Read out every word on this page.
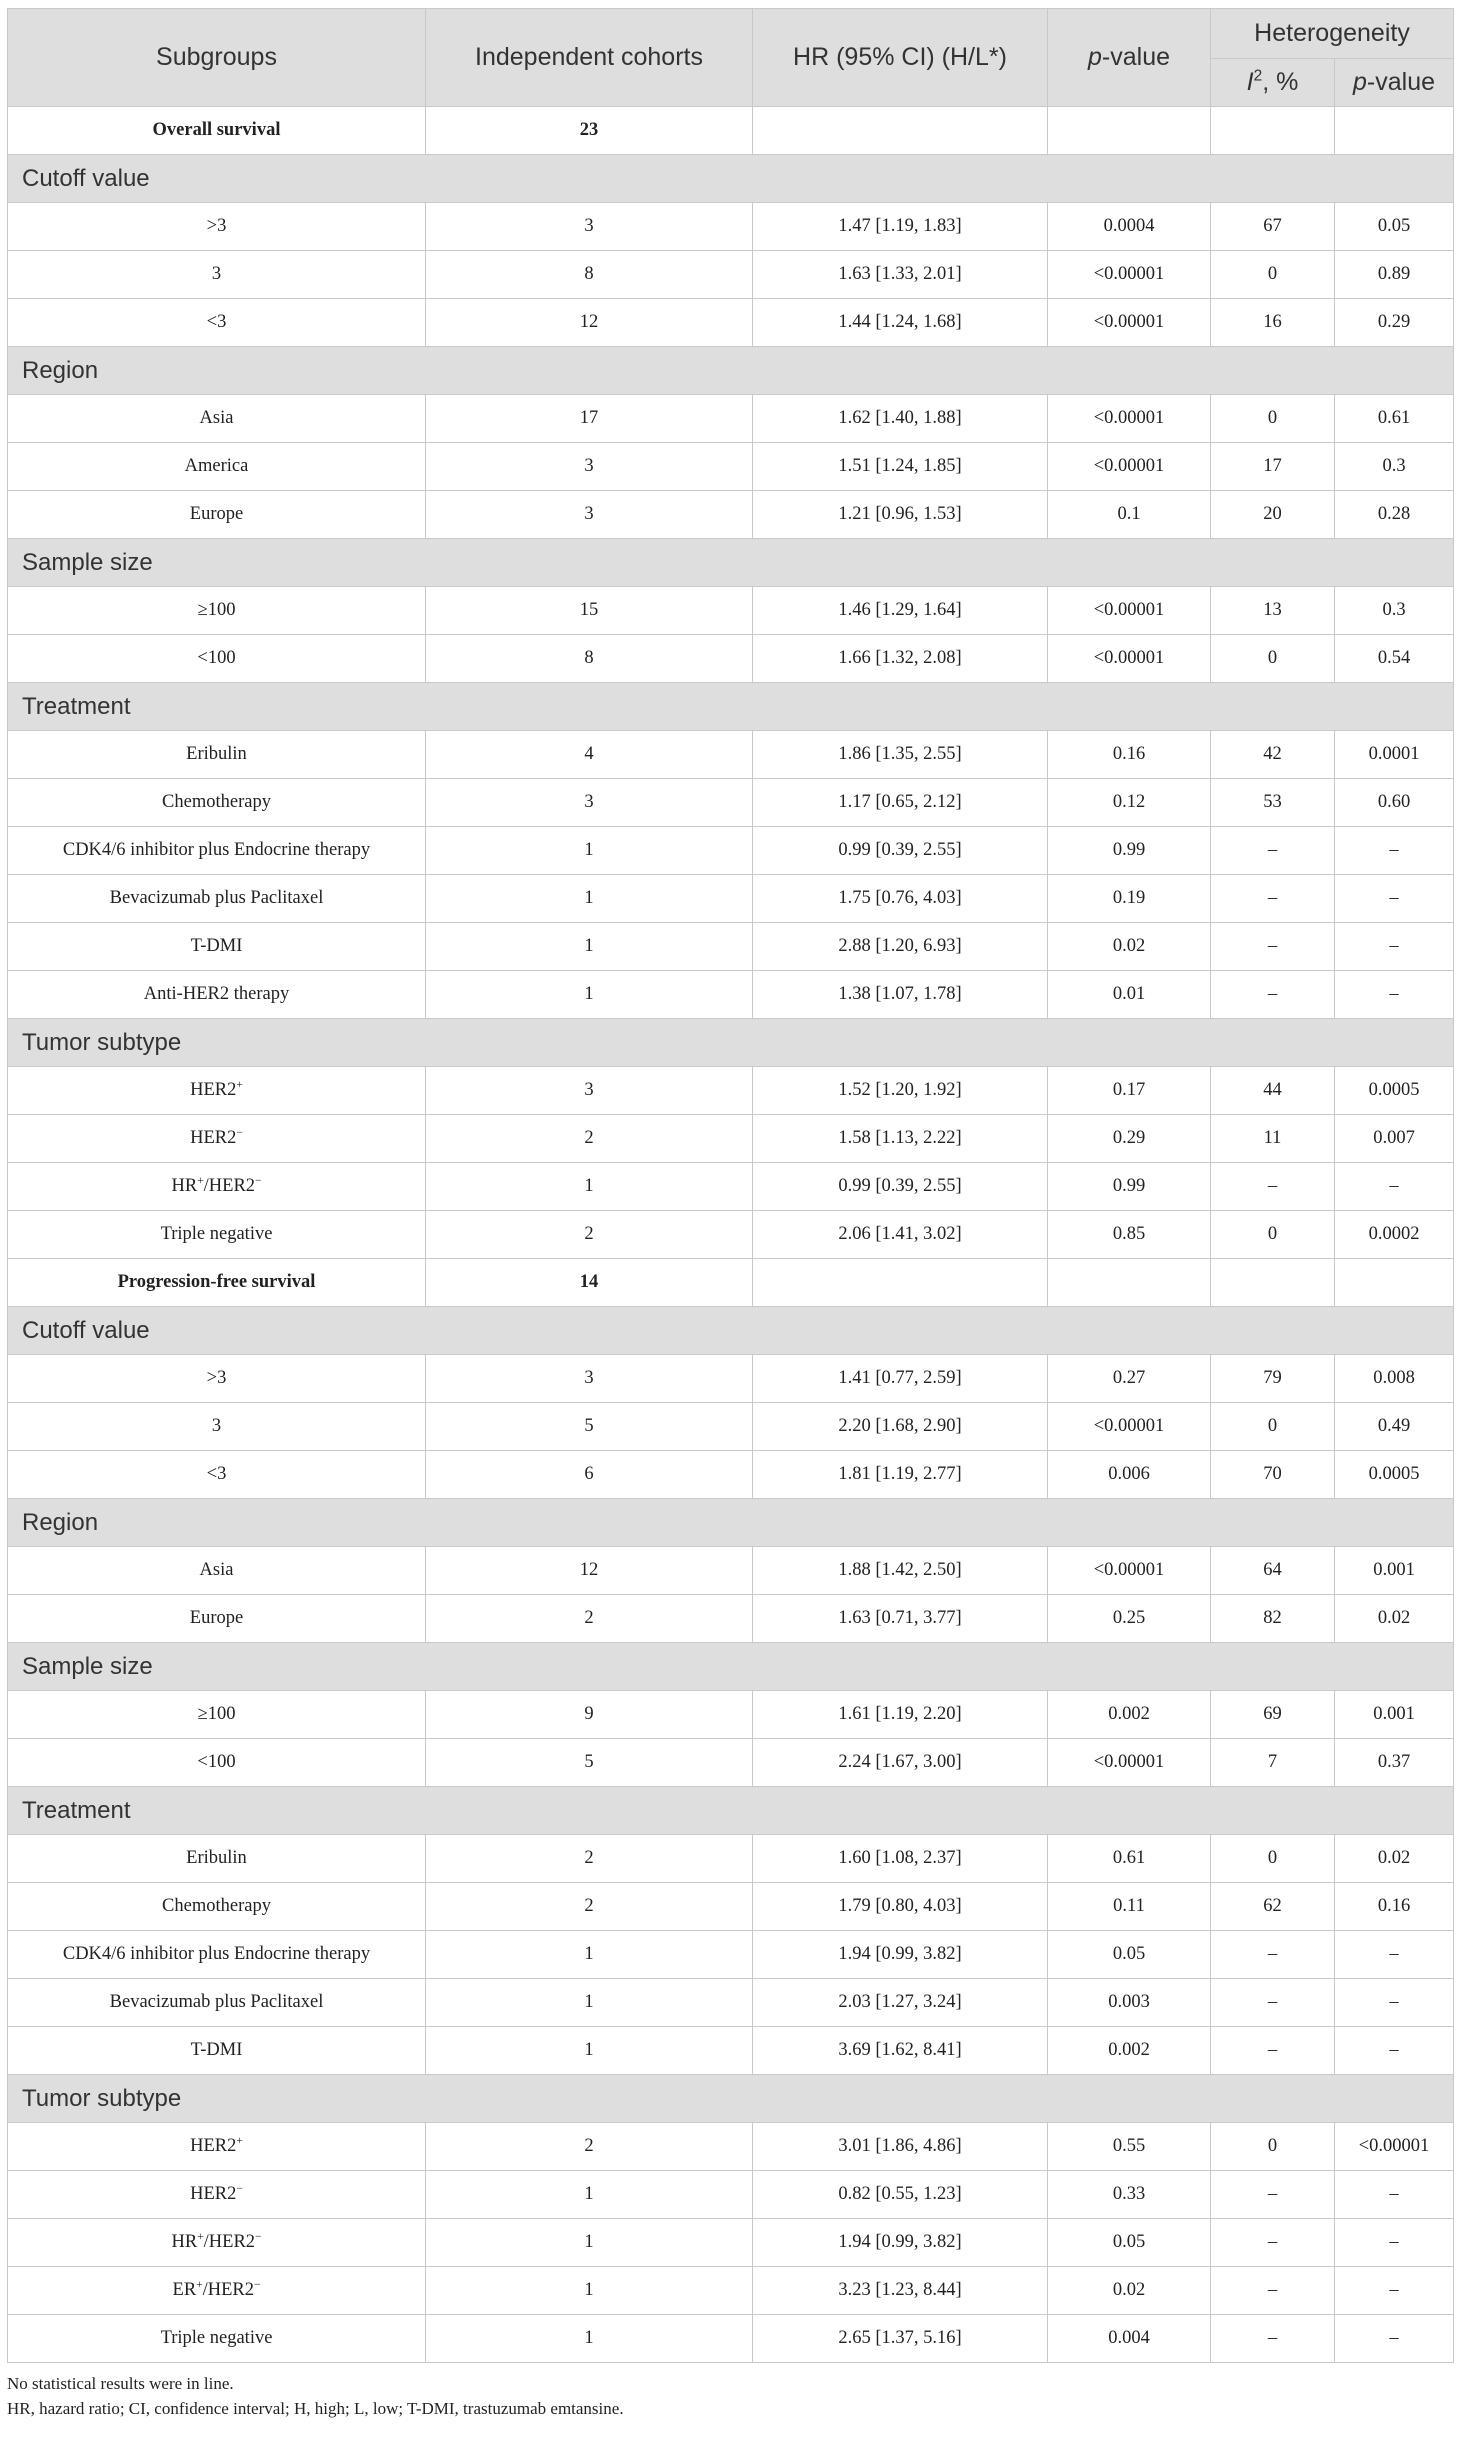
Subgroups	Independent cohorts	HR (95% CI) (H/L*)	p-value	Heterogeneity	
				$I^2$, %	p-value
Overall survival	23				
Cutoff value					
>3	3	1.47 [1.19, 1.83]	0.0004	67	0.05
3	8	1.63 [1.33, 2.01]	<0.00001	0	0.89
<3	12	1.44 [1.24, 1.68]	<0.00001	16	0.29
Region					
Asia	17	1.62 [1.40, 1.88]	<0.00001	0	0.61
America	3	1.51 [1.24, 1.85]	<0.00001	17	0.3
Europe	3	1.21 [0.96, 1.53]	0.1	20	0.28
Sample size					
≥100	15	1.46 [1.29, 1.64]	<0.00001	13	0.3
<100	8	1.66 [1.32, 2.08]	<0.00001	0	0.54
Treatment					
Eribulin	4	1.86 [1.35, 2.55]	0.16	42	0.0001
Chemotherapy	3	1.17 [0.65, 2.12]	0.12	53	0.60
CDK4/6 inhibitor plus Endocrine therapy	1	0.99 [0.39, 2.55]	0.99	–	–
Bevacizumab plus Paclitaxel	1	1.75 [0.76, 4.03]	0.19	–	–
T-DMI	1	2.88 [1.20, 6.93]	0.02	–	–
Anti-HER2 therapy	1	1.38 [1.07, 1.78]	0.01	–	–
Tumor subtype					
HER2+	3	1.52 [1.20, 1.92]	0.17	44	0.0005
HER2−	2	1.58 [1.13, 2.22]	0.29	11	0.007
HR+/HER2−	1	0.99 [0.39, 2.55]	0.99	–	–
Triple negative	2	2.06 [1.41, 3.02]	0.85	0	0.0002
Progression-free survival	14				
Cutoff value					
>3	3	1.41 [0.77, 2.59]	0.27	79	0.008
3	5	2.20 [1.68, 2.90]	<0.00001	0	0.49
<3	6	1.81 [1.19, 2.77]	0.006	70	0.0005
Region					
Asia	12	1.88 [1.42, 2.50]	<0.00001	64	0.001
Europe	2	1.63 [0.71, 3.77]	0.25	82	0.02
Sample size					
≥100	9	1.61 [1.19, 2.20]	0.002	69	0.001
<100	5	2.24 [1.67, 3.00]	<0.00001	7	0.37
Treatment					
Eribulin	2	1.60 [1.08, 2.37]	0.61	0	0.02
Chemotherapy	2	1.79 [0.80, 4.03]	0.11	62	0.16
CDK4/6 inhibitor plus Endocrine therapy	1	1.94 [0.99, 3.82]	0.05	–	–
Bevacizumab plus Paclitaxel	1	2.03 [1.27, 3.24]	0.003	–	–
T-DMI	1	3.69 [1.62, 8.41]	0.002	–	–
Tumor subtype					
HER2+	2	3.01 [1.86, 4.86]	0.55	0	<0.00001
HER2−	1	0.82 [0.55, 1.23]	0.33	–	–
HR+/HER2−	1	1.94 [0.99, 3.82]	0.05	–	–
ER+/HER2−	1	3.23 [1.23, 8.44]	0.02	–	–
Triple negative	1	2.65 [1.37, 5.16]	0.004	–	–
No statistical results were in line.
HR, hazard ratio; CI, confidence interval; H, high; L, low; T-DMI, trastuzumab emtansine.
